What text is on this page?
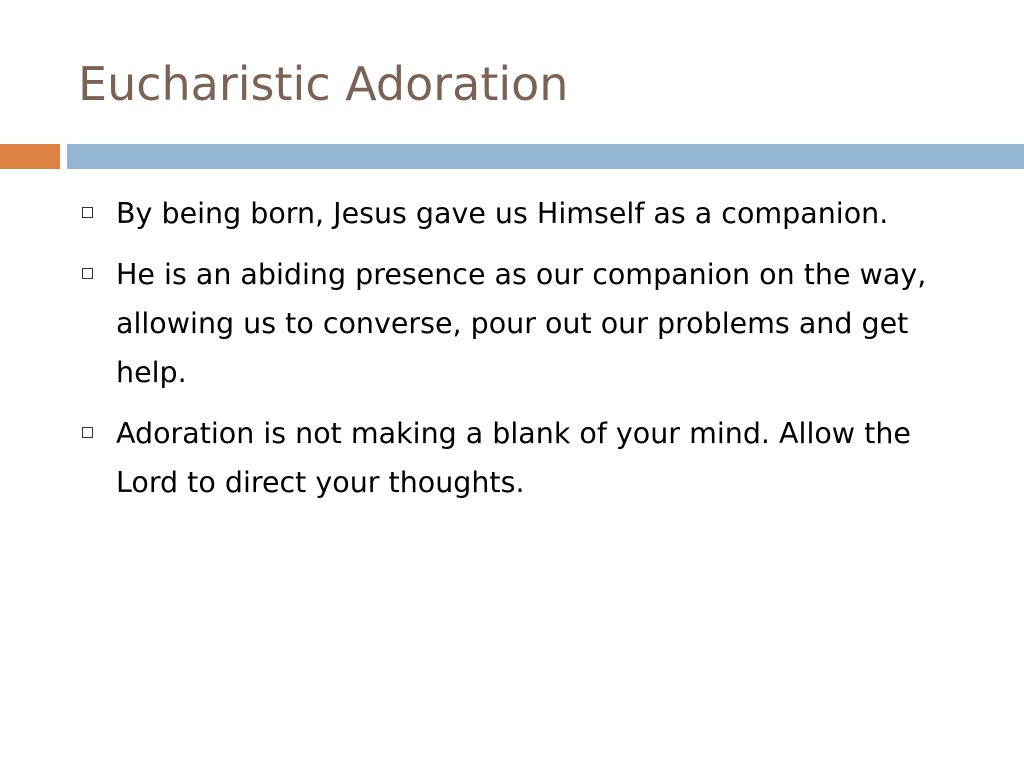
Eucharistic Adoration
By being born, Jesus gave us Himself as a companion.
He is an abiding presence as our companion on the way, allowing us to converse, pour out our problems and get help.
Adoration is not making a blank of your mind. Allow the Lord to direct your thoughts.
